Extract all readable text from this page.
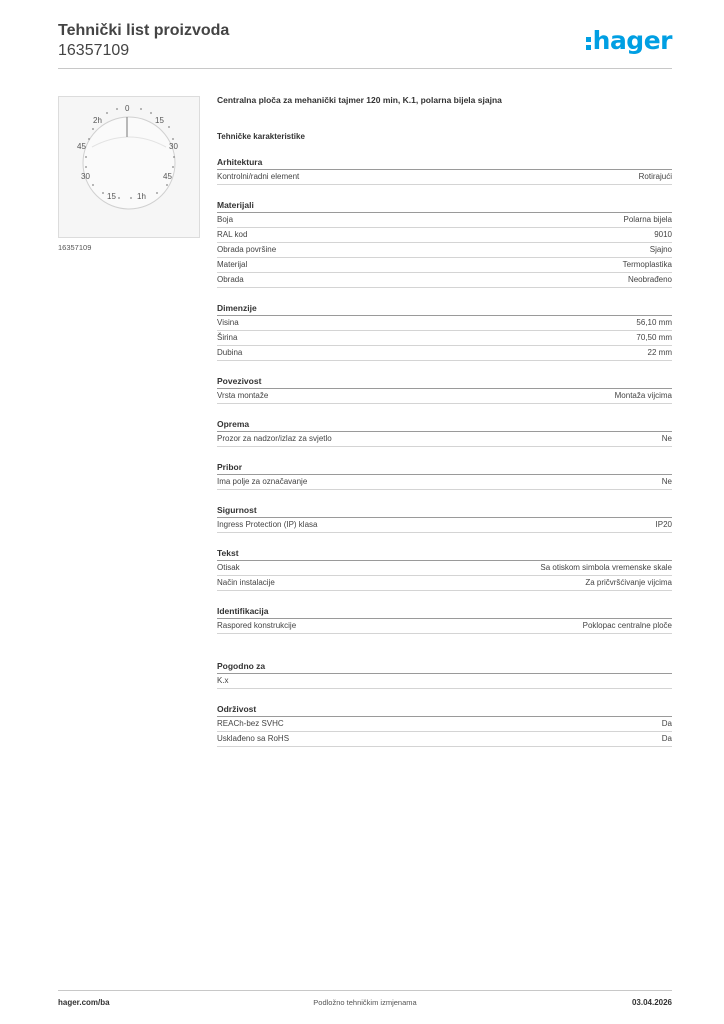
Tehnički list proizvoda
16357109	hager
0
2h	15
45	30
30	45
15	1h
16357109
Centralna ploča za mehanički tajmer 120 min, K.1, polarna bijela sjajna
Tehničke karakteristike
Arhitektura
Kontrolni/radni element	Rotirajući
Materijali
Boja	Polarna bijela
RAL kod	9010
Obrada površine	Sjajno
Materijal	Termoplastika
Obrada	Neobrađeno
Dimenzije
Visina	56,10 mm
Širina	70,50 mm
Dubina	22 mm
Povezivost
Vrsta montaže	Montaža vijcima
Oprema
Prozor za nadzor/izlaz za svjetlo	Ne
Pribor
Ima polje za označavanje	Ne
Sigurnost
Ingress Protection (IP) klasa	IP20
Tekst
Otisak	Sa otiskom simbola vremenske skale
Način instalacije	Za pričvršćivanje vijcima
Identifikacija
Raspored konstrukcije	Poklopac centralne ploče
Pogodno za
K.x
Održivost
REACh-bez SVHC	Da
Usklađeno sa RoHS	Da
hager.com/ba	Podložno tehničkim izmjenama	03.04.2026
